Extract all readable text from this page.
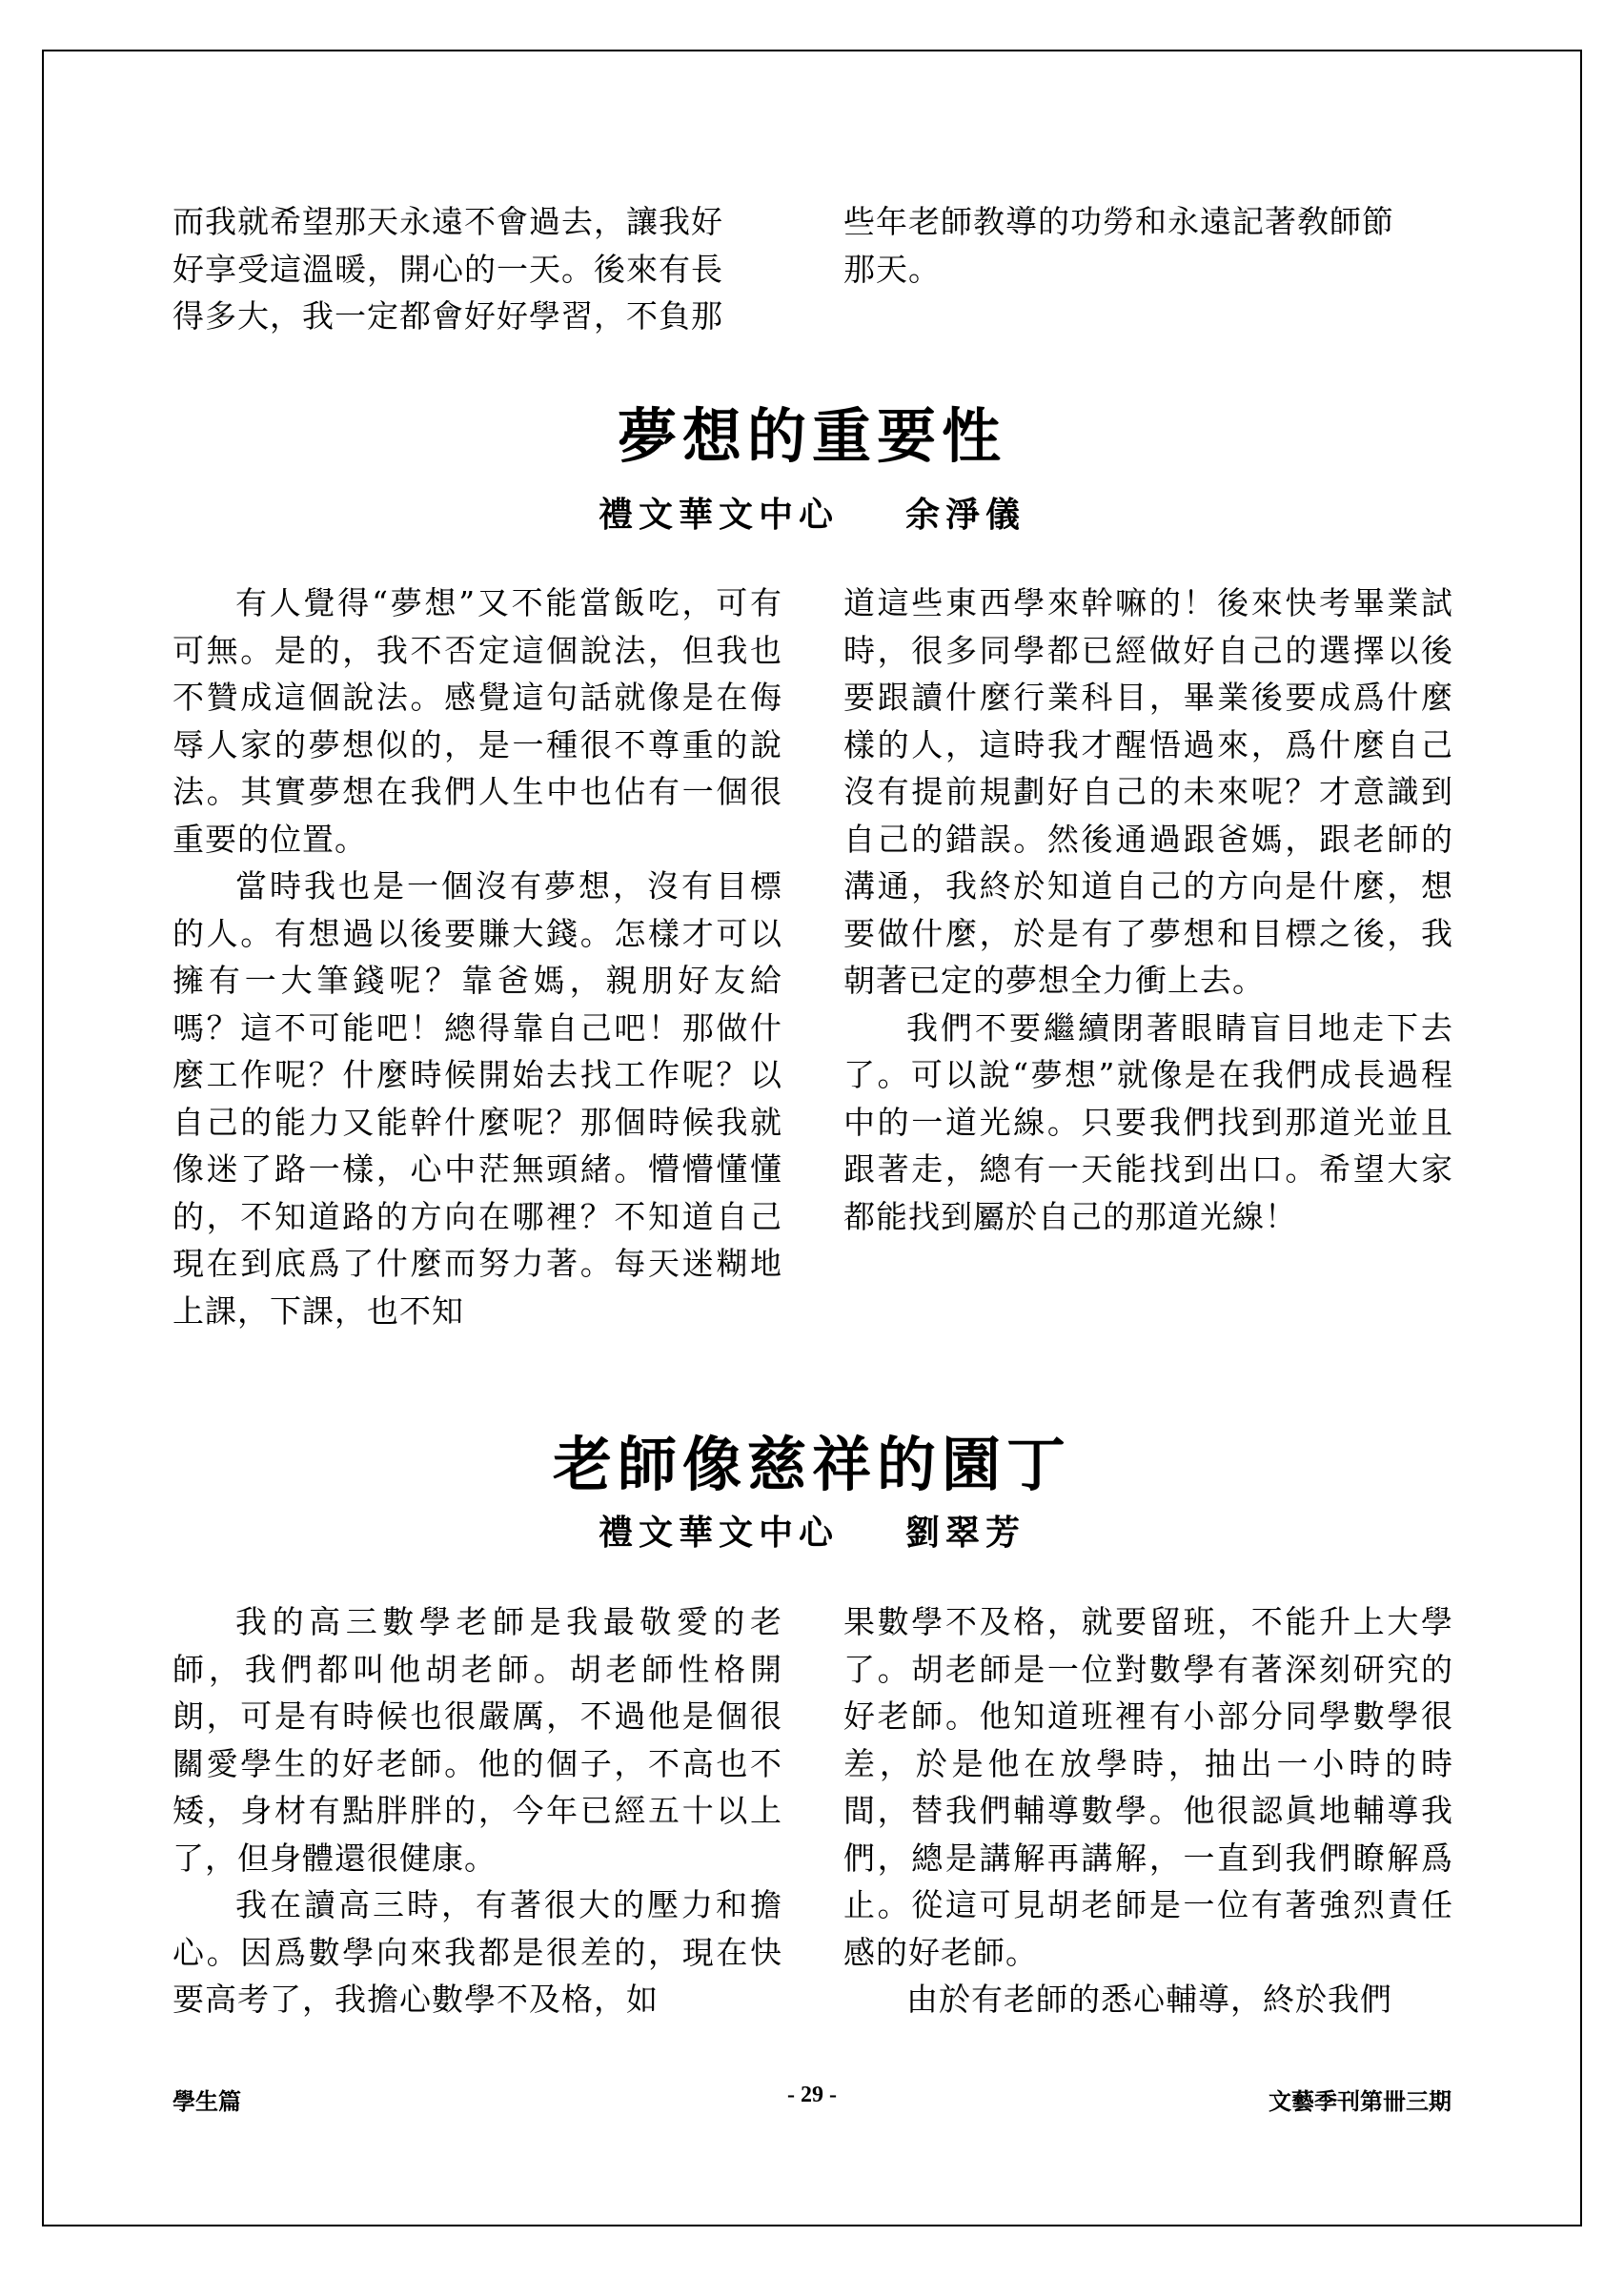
而我就希望那天永遠不會過去，讓我好

好享受這溫暖，開心的一天。後來有長

得多大，我一定都會好好學習，不負那

些年老師教導的功勞和永遠記著敎師節

那天。

夢想的重要性
禮文華文中心 余淨儀

有人覺得“夢想”又不能當飯吃，可有可無。是的，我不否定這個說法，但我也不贊成這個說法。感覺這句話就像是在侮辱人家的夢想似的，是一種很不尊重的說法。其實夢想在我們人生中也佔有一個很重要的位置。

當時我也是一個沒有夢想，沒有目標的人。有想過以後要賺大錢。怎樣才可以擁有一大筆錢呢？靠爸媽，親朋好友給嗎？這不可能吧！總得靠自己吧！那做什麼工作呢？什麼時候開始去找工作呢？以自己的能力又能幹什麼呢？那個時候我就像迷了路一樣，心中茫無頭緒。懵懵懂懂的，不知道路的方向在哪裡？不知道自己現在到底爲了什麼而努力著。每天迷糊地上課，下課，也不知

道這些東西學來幹嘛的！後來快考畢業試時，很多同學都已經做好自己的選擇以後要跟讀什麼行業科目，畢業後要成爲什麼樣的人，這時我才醒悟過來，爲什麼自己沒有提前規劃好自己的未來呢？才意識到自己的錯誤。然後通過跟爸媽，跟老師的溝通，我終於知道自己的方向是什麼，想要做什麼，於是有了夢想和目標之後，我朝著已定的夢想全力衝上去。

我們不要繼續閉著眼睛盲目地走下去了。可以說“夢想”就像是在我們成長過程中的一道光線。只要我們找到那道光並且跟著走，總有一天能找到出口。希望大家都能找到屬於自己的那道光線！

老師像慈祥的園丁
禮文華文中心 劉翠芳

我的高三數學老師是我最敬愛的老師，我們都叫他胡老師。胡老師性格開朗，可是有時候也很嚴厲，不過他是個很關愛學生的好老師。他的個子，不高也不矮，身材有點胖胖的，今年已經五十以上了，但身體還很健康。

我在讀高三時，有著很大的壓力和擔心。因爲數學向來我都是很差的，現在快要高考了，我擔心數學不及格，如

果數學不及格，就要留班，不能升上大學了。胡老師是一位對數學有著深刻研究的好老師。他知道班裡有小部分同學數學很差，於是他在放學時，抽出一小時的時間，替我們輔導數學。他很認眞地輔導我們，總是講解再講解，一直到我們瞭解爲止。從這可見胡老師是一位有著強烈責任感的好老師。

由於有老師的悉心輔導，終於我們

學生篇	- 29 -	文藝季刊第卌三期
